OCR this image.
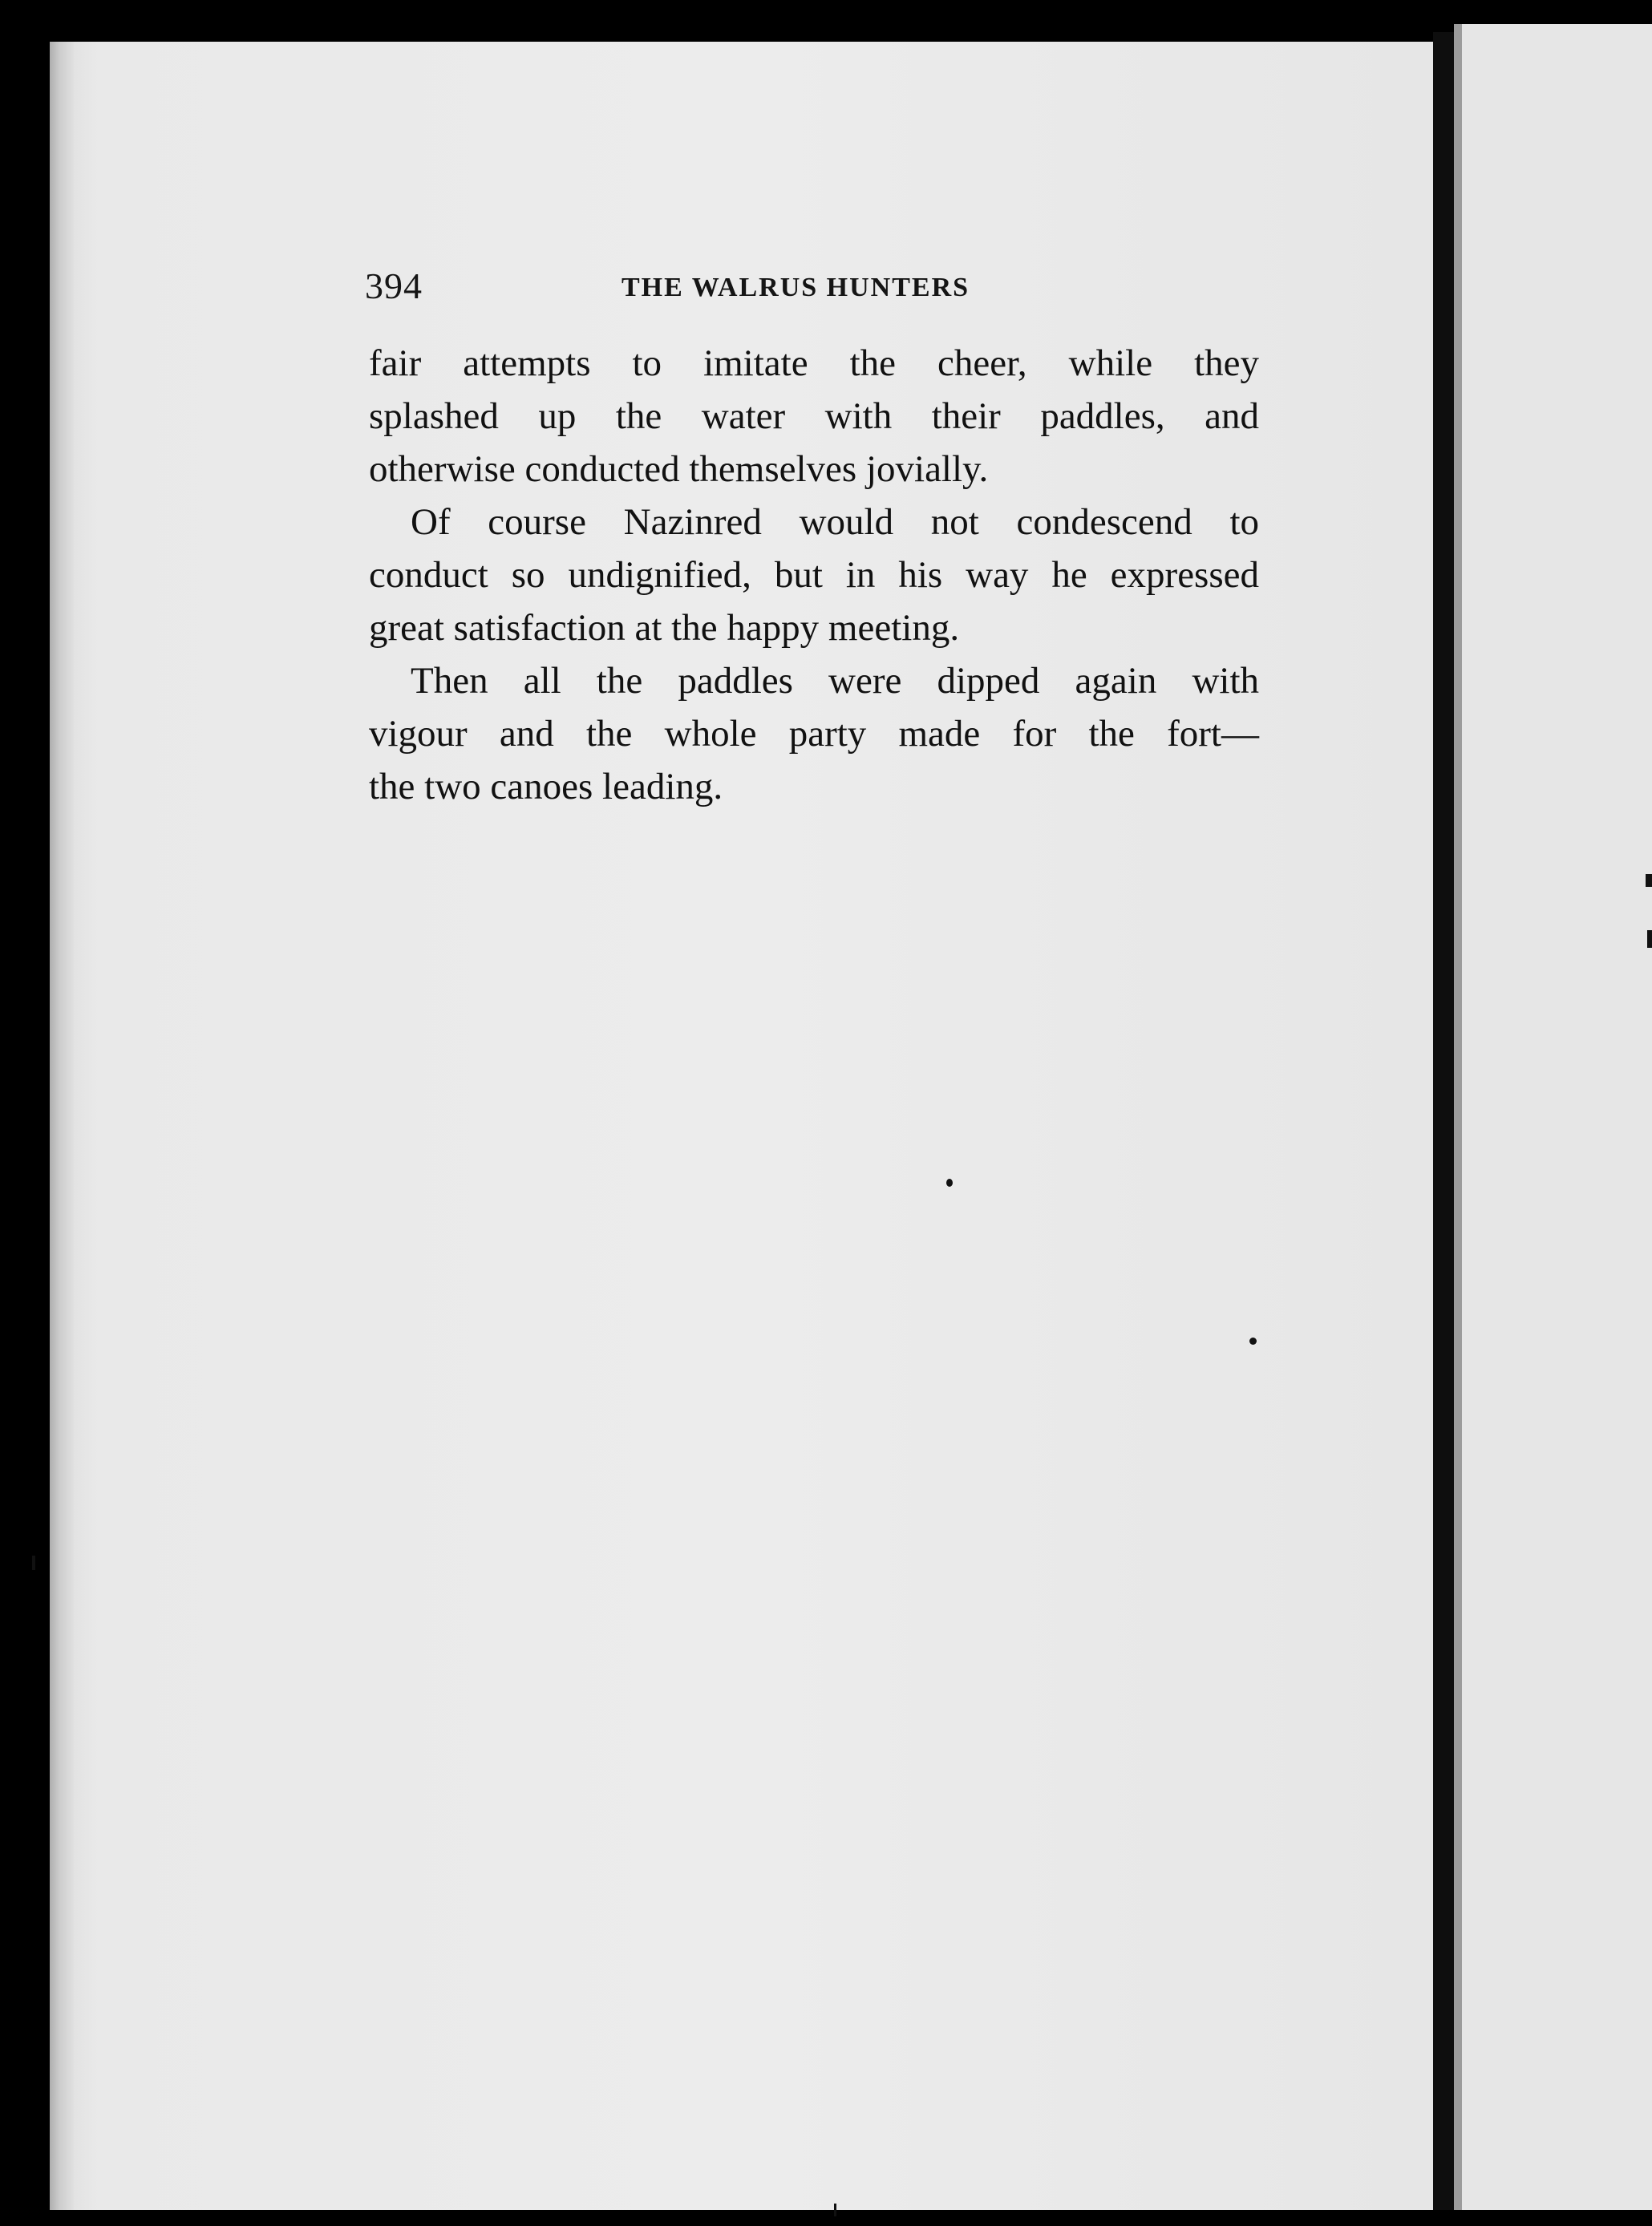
394	THE WALRUS HUNTERS
fair attempts to imitate the cheer, while they
splashed up the water with their paddles, and
otherwise conducted themselves jovially.
Of course Nazinred would not condescend to
conduct so undignified, but in his way he expressed
great satisfaction at the happy meeting.
Then all the paddles were dipped again with
vigour and the whole party made for the fort—
the two canoes leading.
